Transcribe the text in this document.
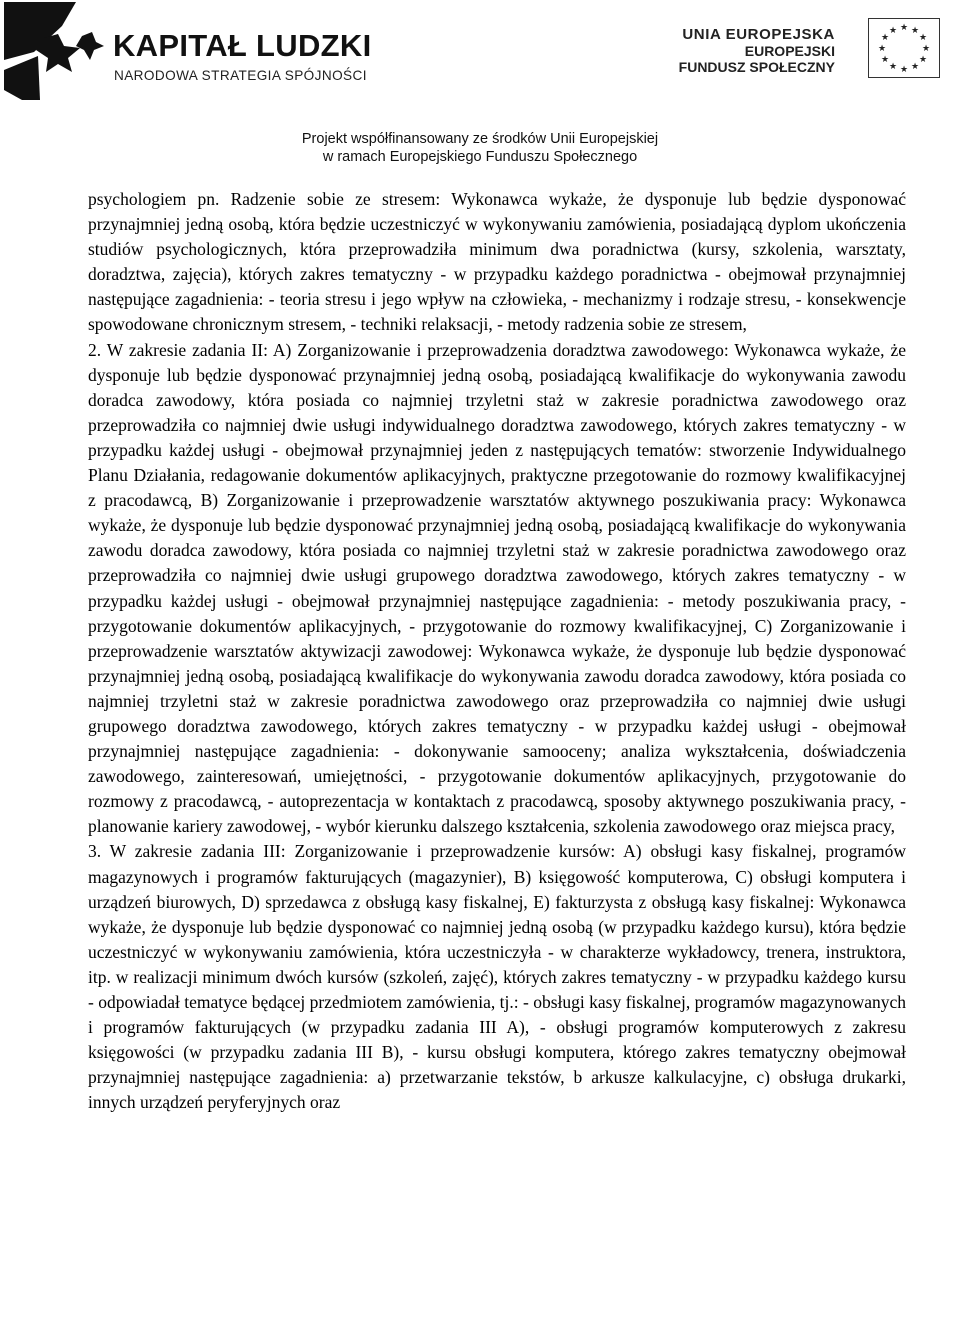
KAPITAŁ LUDZKI
NARODOWA STRATEGIA SPÓJNOŚCI
UNIA EUROPEJSKA
EUROPEJSKI
FUNDUSZ SPOŁECZNY
★ ★
★
★
★
★
★
★
★
★
★
★
Projekt współfinansowany ze środków Unii Europejskiej
w ramach Europejskiego Funduszu Społecznego

psychologiem pn. Radzenie sobie ze stresem: Wykonawca wykaże, że dysponuje lub będzie dysponować przynajmniej jedną osobą, która będzie uczestniczyć w wykonywaniu zamówienia, posiadającą dyplom ukończenia studiów psychologicznych, która przeprowadziła minimum dwa poradnictwa (kursy, szkolenia, warsztaty, doradztwa, zajęcia), których zakres tematyczny - w przypadku każdego poradnictwa - obejmował przynajmniej następujące zagadnienia: - teoria stresu i jego wpływ na człowieka, - mechanizmy i rodzaje stresu, - konsekwencje spowodowane chronicznym stresem, - techniki relaksacji, - metody radzenia sobie ze stresem,

2. W zakresie zadania II: A) Zorganizowanie i przeprowadzenia doradztwa zawodowego: Wykonawca wykaże, że dysponuje lub będzie dysponować przynajmniej jedną osobą, posiadającą kwalifikacje do wykonywania zawodu doradca zawodowy, która posiada co najmniej trzyletni staż w zakresie poradnictwa zawodowego oraz przeprowadziła co najmniej dwie usługi indywidualnego doradztwa zawodowego, których zakres tematyczny - w przypadku każdej usługi - obejmował przynajmniej jeden z następujących tematów: stworzenie Indywidualnego Planu Działania, redagowanie dokumentów aplikacyjnych, praktyczne przegotowanie do rozmowy kwalifikacyjnej z pracodawcą, B) Zorganizowanie i przeprowadzenie warsztatów aktywnego poszukiwania pracy: Wykonawca wykaże, że dysponuje lub będzie dysponować przynajmniej jedną osobą, posiadającą kwalifikacje do wykonywania zawodu doradca zawodowy, która posiada co najmniej trzyletni staż w zakresie poradnictwa zawodowego oraz przeprowadziła co najmniej dwie usługi grupowego doradztwa zawodowego, których zakres tematyczny - w przypadku każdej usługi - obejmował przynajmniej następujące zagadnienia: - metody poszukiwania pracy, - przygotowanie dokumentów aplikacyjnych, - przygotowanie do rozmowy kwalifikacyjnej, C) Zorganizowanie i przeprowadzenie warsztatów aktywizacji zawodowej: Wykonawca wykaże, że dysponuje lub będzie dysponować przynajmniej jedną osobą, posiadającą kwalifikacje do wykonywania zawodu doradca zawodowy, która posiada co najmniej trzyletni staż w zakresie poradnictwa zawodowego oraz przeprowadziła co najmniej dwie usługi grupowego doradztwa zawodowego, których zakres tematyczny - w przypadku każdej usługi - obejmował przynajmniej następujące zagadnienia: - dokonywanie samooceny; analiza wykształcenia, doświadczenia zawodowego, zainteresowań, umiejętności, - przygotowanie dokumentów aplikacyjnych, przygotowanie do rozmowy z pracodawcą, - autoprezentacja w kontaktach z pracodawcą, sposoby aktywnego poszukiwania pracy, - planowanie kariery zawodowej, - wybór kierunku dalszego kształcenia, szkolenia zawodowego oraz miejsca pracy,

3. W zakresie zadania III: Zorganizowanie i przeprowadzenie kursów: A) obsługi kasy fiskalnej, programów magazynowych i programów fakturujących (magazynier), B) księgowość komputerowa, C) obsługi komputera i urządzeń biurowych, D) sprzedawca z obsługą kasy fiskalnej, E) fakturzysta z obsługą kasy fiskalnej: Wykonawca wykaże, że dysponuje lub będzie dysponować co najmniej jedną osobą (w przypadku każdego kursu), która będzie uczestniczyć w wykonywaniu zamówienia, która uczestniczyła - w charakterze wykładowcy, trenera, instruktora, itp. w realizacji minimum dwóch kursów (szkoleń, zajęć), których zakres tematyczny - w przypadku każdego kursu - odpowiadał tematyce będącej przedmiotem zamówienia, tj.: - obsługi kasy fiskalnej, programów magazynowanych i programów fakturujących (w przypadku zadania III A), - obsługi programów komputerowych z zakresu księgowości (w przypadku zadania III B), - kursu obsługi komputera, którego zakres tematyczny obejmował przynajmniej następujące zagadnienia: a) przetwarzanie tekstów, b arkusze kalkulacyjne, c) obsługa drukarki, innych urządzeń peryferyjnych oraz
